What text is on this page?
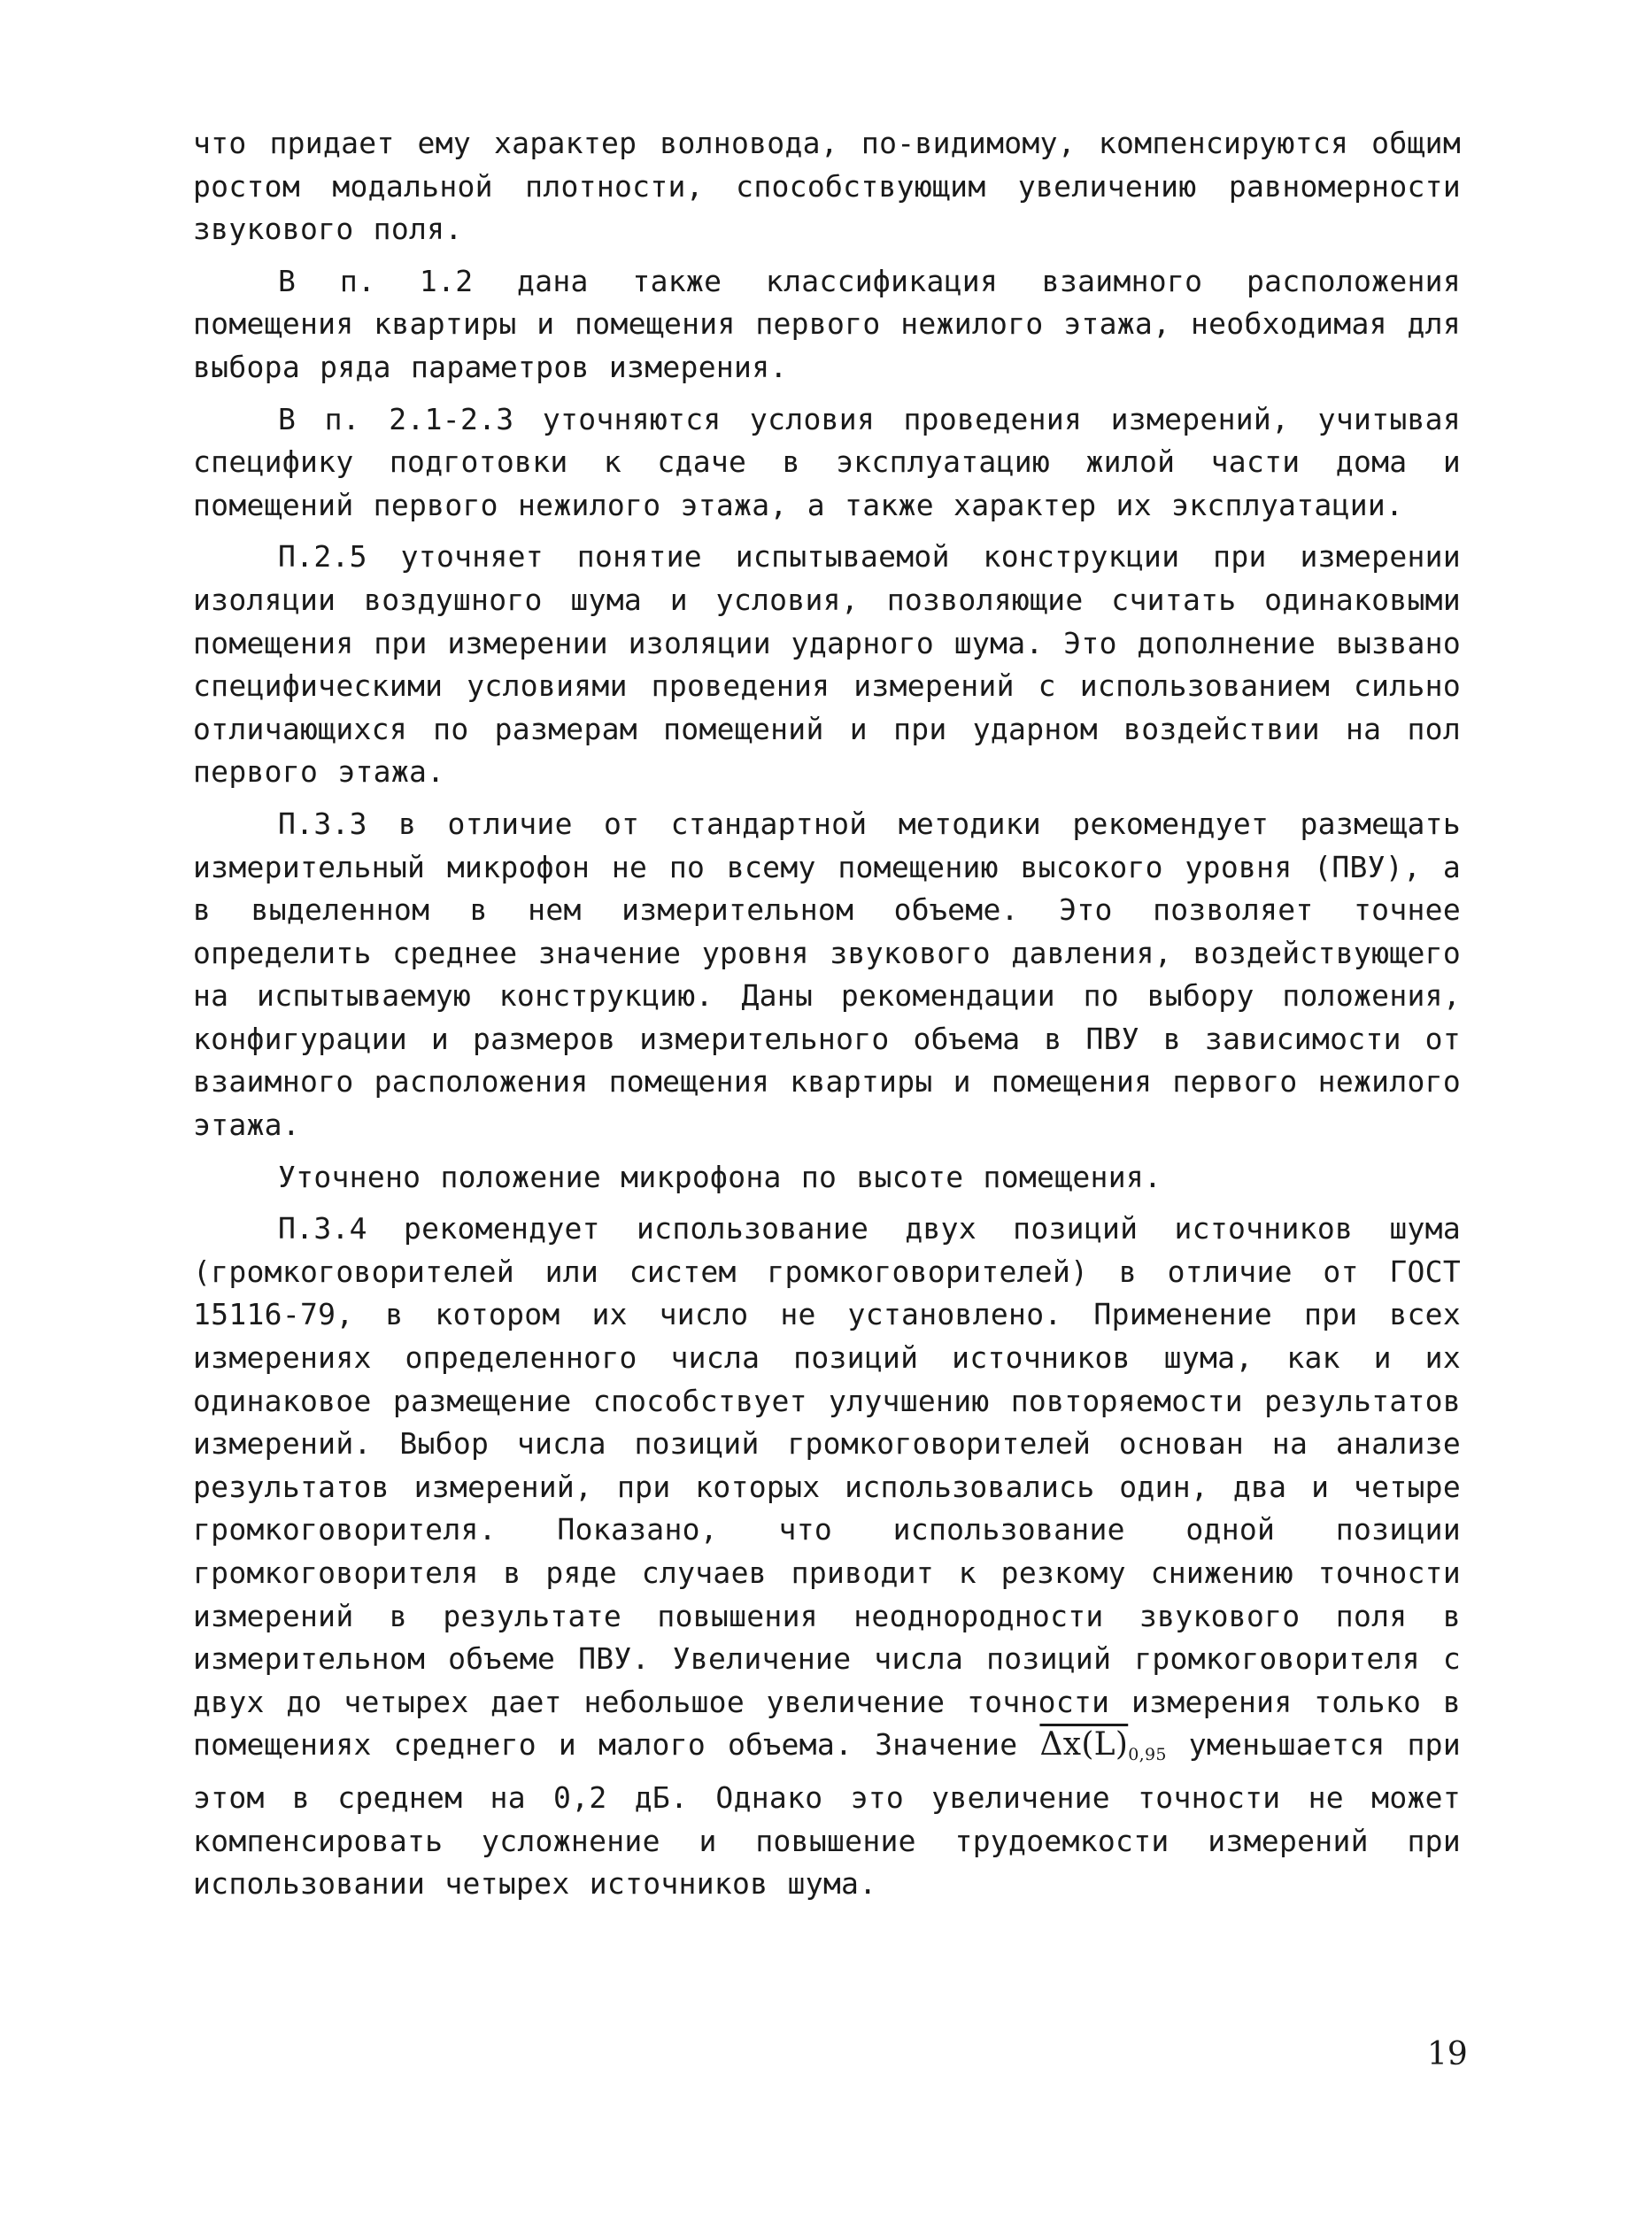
что придает ему характер волновода, по-видимому, компенсируются общим ростом модальной плотности, способствующим увеличению равномерности звукового поля.

В п. 1.2 дана также классификация взаимного расположения помещения квартиры и помещения первого нежилого этажа, необходимая для выбора ряда параметров измерения.

В п. 2.1-2.3 уточняются условия проведения измерений, учитывая специфику подготовки к сдаче в эксплуатацию жилой части дома и помещений первого нежилого этажа, а также характер их эксплуатации.

П.2.5 уточняет понятие испытываемой конструкции при измерении изоляции воздушного шума и условия, позволяющие считать одинаковыми помещения при измерении изоляции ударного шума. Это дополнение вызвано специфическими условиями проведения измерений с использованием сильно отличающихся по размерам помещений и при ударном воздействии на пол первого этажа.

П.3.3 в отличие от стандартной методики рекомендует размещать измерительный микрофон не по всему помещению высокого уровня (ПВУ), а в выделенном в нем измерительном объеме. Это позволяет точнее определить среднее значение уровня звукового давления, воздействующего на испытываемую конструкцию. Даны рекомендации по выбору положения, конфигурации и размеров измерительного объема в ПВУ в зависимости от взаимного расположения помещения квартиры и помещения первого нежилого этажа.

Уточнено положение микрофона по высоте помещения.

П.3.4 рекомендует использование двух позиций источников шума (громкоговорителей или систем громкоговорителей) в отличие от ГОСТ 15116-79, в котором их число не установлено. Применение при всех измерениях определенного числа позиций источников шума, как и их одинаковое размещение способствует улучшению повторяемости результатов измерений. Выбор числа позиций громкоговорителей основан на анализе результатов измерений, при которых использовались один, два и четыре громкоговорителя. Показано, что использование одной позиции громкоговорителя в ряде случаев приводит к резкому снижению точности измерений в результате повышения неоднородности звукового поля в измерительном объеме ПВУ. Увеличение числа позиций громкоговорителя с двух до четырех дает небольшое увеличение точности измерения только в помещениях среднего и малого объема. Значение $\Delta x(L)_{0,95}$ уменьшается при этом в среднем на 0,2 дБ. Однако это увеличение точности не может компенсировать усложнение и повышение трудоемкости измерений при использовании четырех источников шума.

19
